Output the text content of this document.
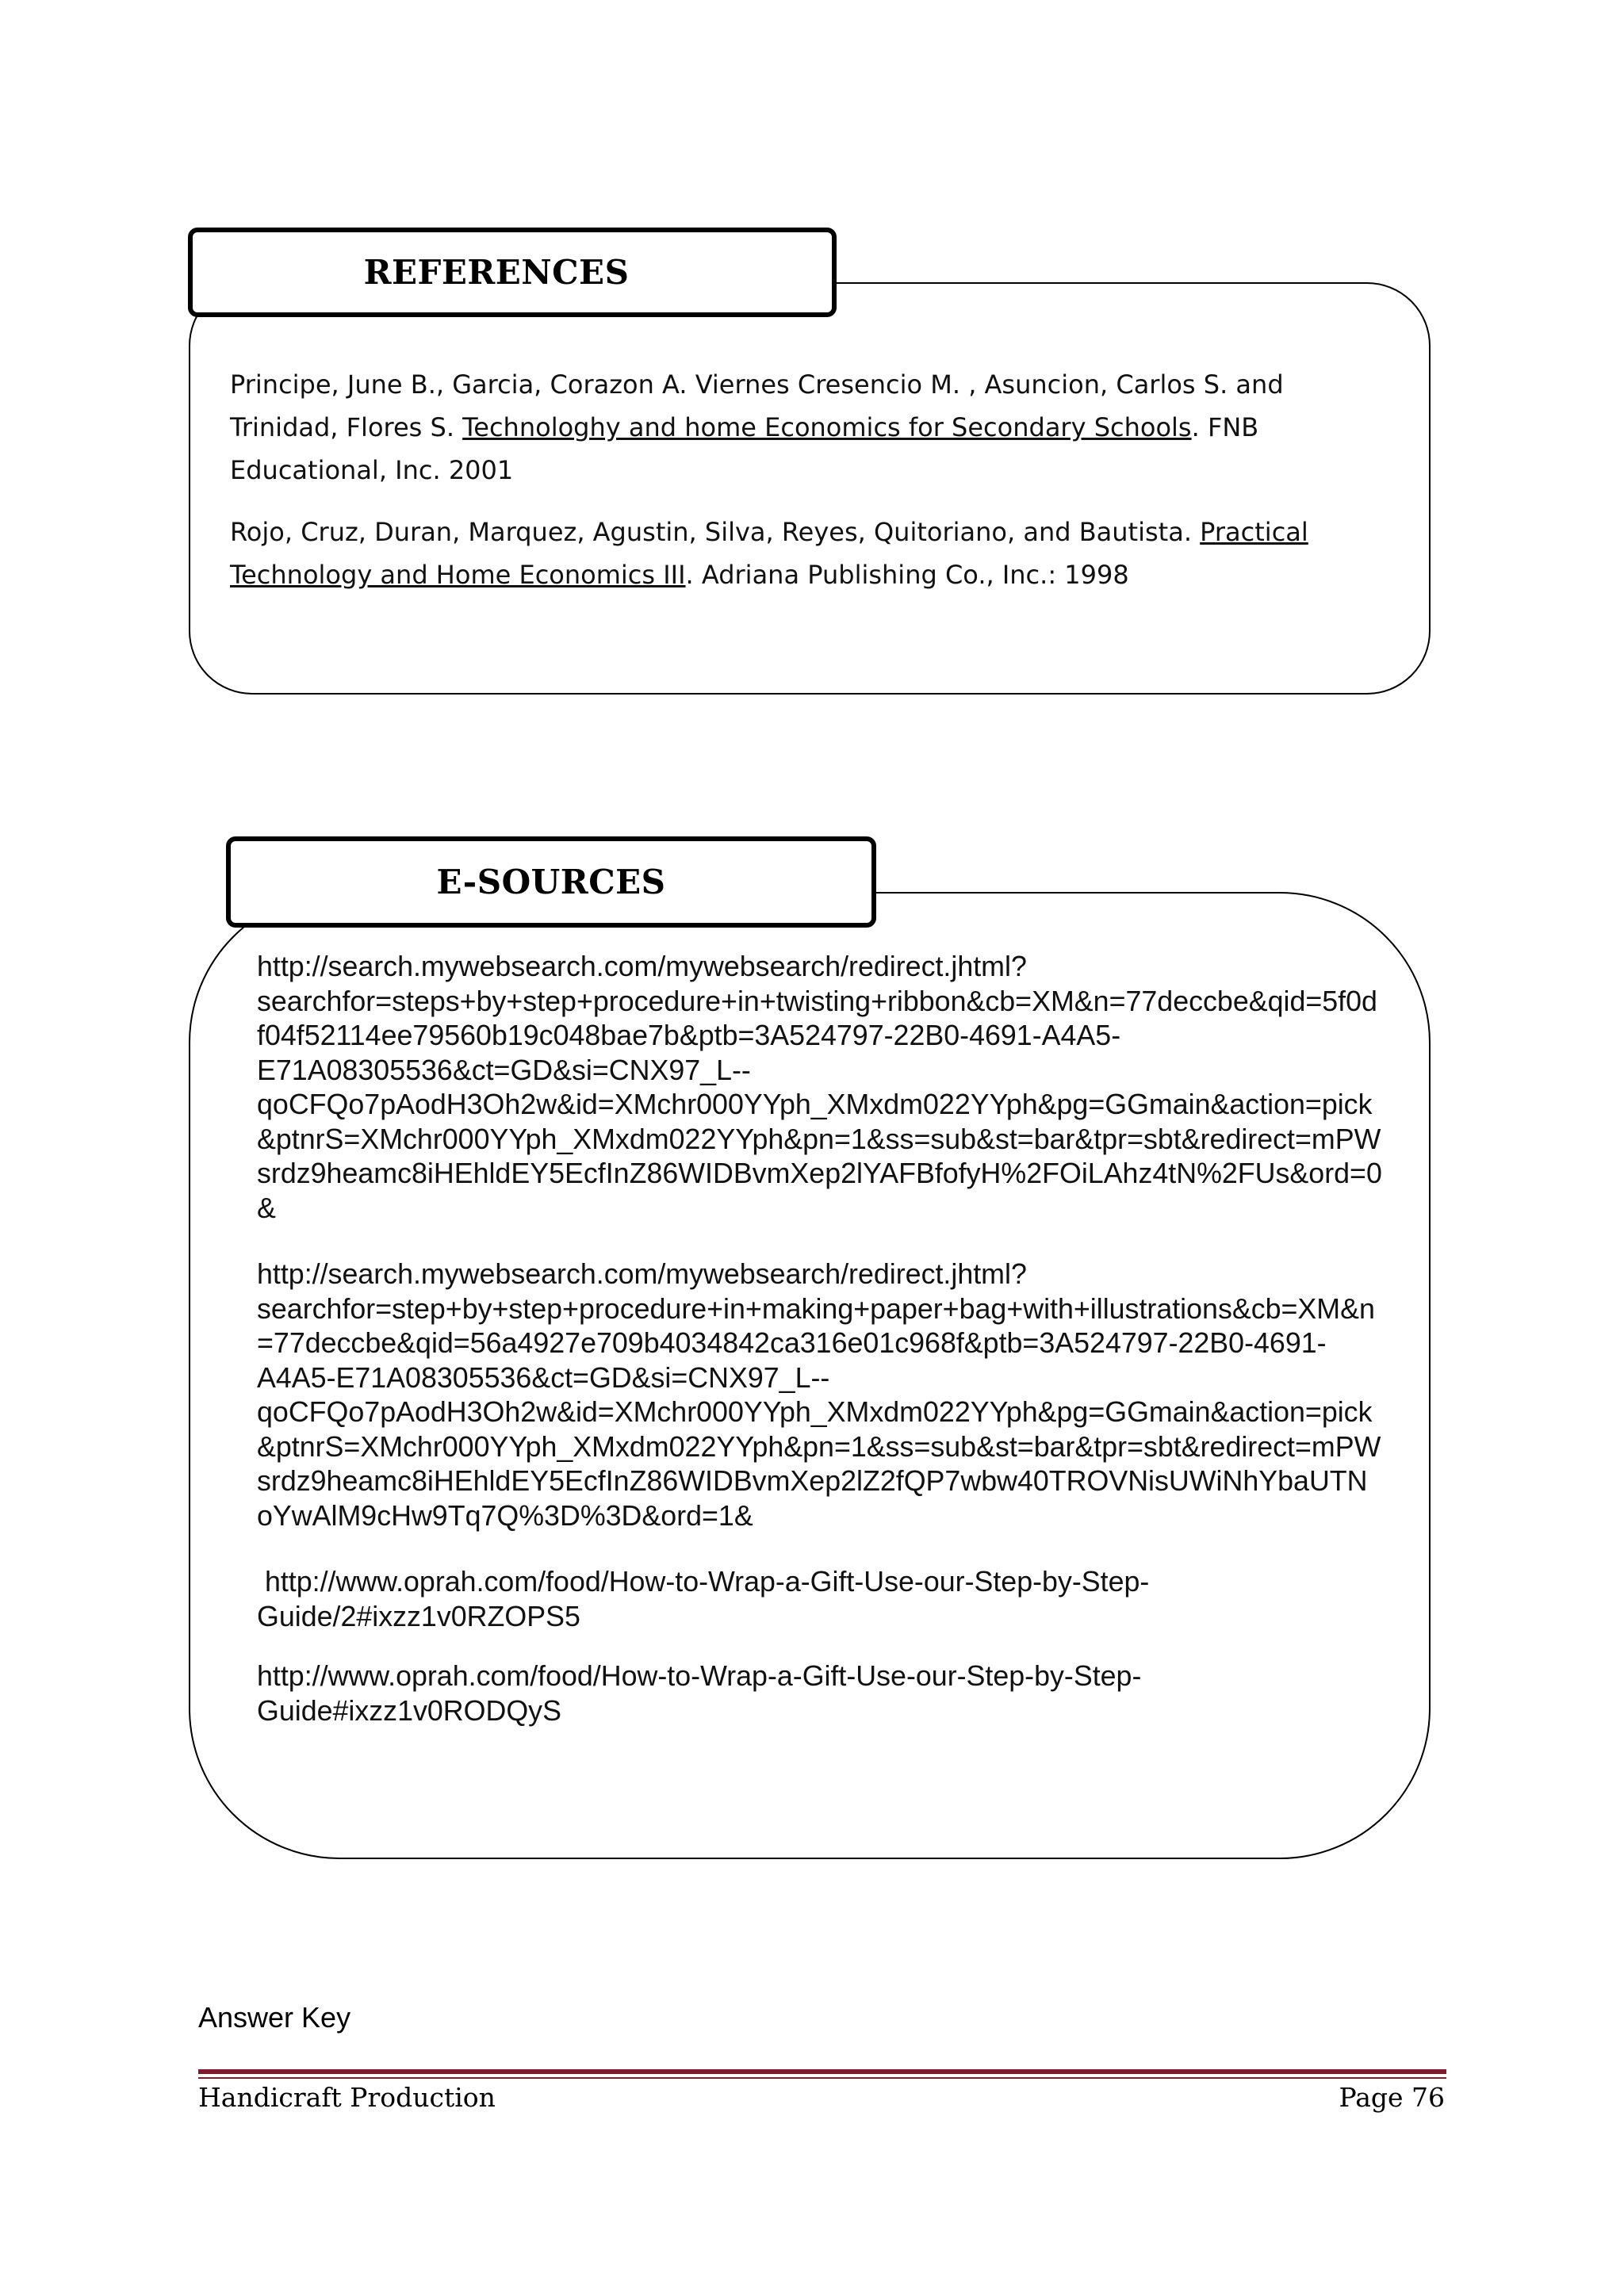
REFERENCES

Principe, June B., Garcia, Corazon A. Viernes Cresencio M. , Asuncion, Carlos S. and Trinidad, Flores S. Technologhy and home Economics for Secondary Schools. FNB Educational, Inc. 2001

Rojo, Cruz, Duran, Marquez, Agustin, Silva, Reyes, Quitoriano, and Bautista. Practical Technology and Home Economics III. Adriana Publishing Co., Inc.: 1998

E-SOURCES

http://search.mywebsearch.com/mywebsearch/redirect.jhtml?searchfor=steps+by+step+procedure+in+twisting+ribbon&cb=XM&n=77deccbe&qid=5f0df04f52114ee79560b19c048bae7b&ptb=3A524797-22B0-4691-A4A5-E71A08305536&ct=GD&si=CNX97_L--qoCFQo7pAodH3Oh2w&id=XMchr000YYph_XMxdm022YYph&pg=GGmain&action=pick&ptnrS=XMchr000YYph_XMxdm022YYph&pn=1&ss=sub&st=bar&tpr=sbt&redirect=mPWsrdz9heamc8iHEhldEY5EcfInZ86WIDBvmXep2lYAFBfofyH%2FOiLAhz4tN%2FUs&ord=0&

http://search.mywebsearch.com/mywebsearch/redirect.jhtml?searchfor=step+by+step+procedure+in+making+paper+bag+with+illustrations&cb=XM&n=77deccbe&qid=56a4927e709b4034842ca316e01c968f&ptb=3A524797-22B0-4691-A4A5-E71A08305536&ct=GD&si=CNX97_L--qoCFQo7pAodH3Oh2w&id=XMchr000YYph_XMxdm022YYph&pg=GGmain&action=pick&ptnrS=XMchr000YYph_XMxdm022YYph&pn=1&ss=sub&st=bar&tpr=sbt&redirect=mPWsrdz9heamc8iHEhldEY5EcfInZ86WIDBvmXep2lZ2fQP7wbw40TROVNisUWiNhYbaUTNoYwAlM9cHw9Tq7Q%3D%3D&ord=1&

http://www.oprah.com/food/How-to-Wrap-a-Gift-Use-our-Step-by-Step-Guide/2#ixzz1v0RZOPS5

http://www.oprah.com/food/How-to-Wrap-a-Gift-Use-our-Step-by-Step-Guide#ixzz1v0RODQyS

Answer Key
Handicraft Production	Page 76
